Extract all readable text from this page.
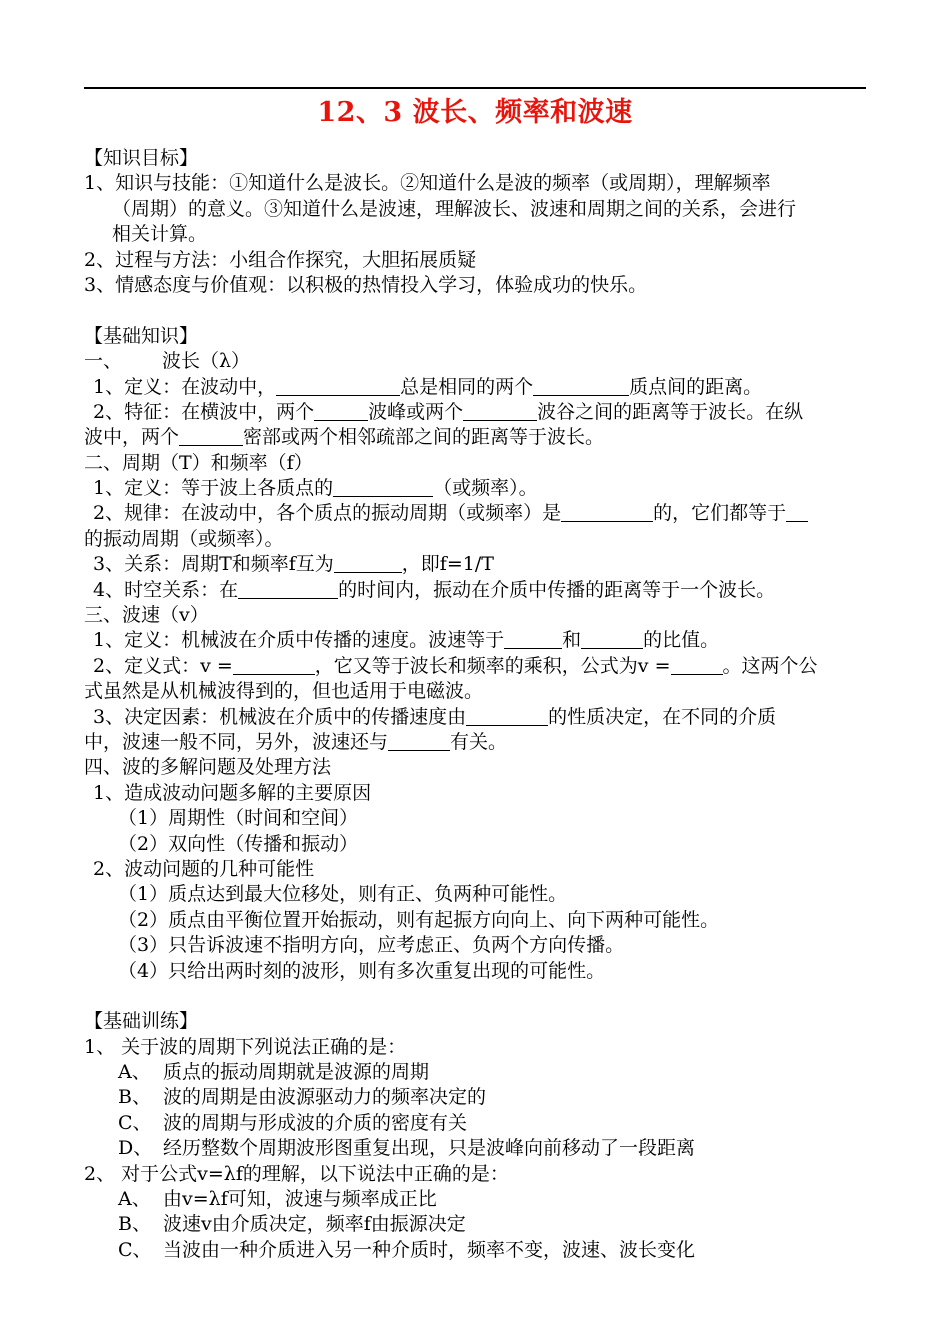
12、3 波长、频率和波速
【知识目标】
1、知识与技能：①知道什么是波长。②知道什么是波的频率（或周期），理解频率
（周期）的意义。③知道什么是波速，理解波长、波速和周期之间的关系，会进行
相关计算。
2、过程与方法：小组合作探究，大胆拓展质疑
3、情感态度与价值观：以积极的热情投入学习，体验成功的快乐。
【基础知识】
一、 波长（λ）
1、定义：在波动中，	总是相同的两个	质点间的距离。
2、特征：在横波中，两个	波峰或两个	波谷之间的距离等于波长。在纵
波中，两个	密部或两个相邻疏部之间的距离等于波长。
二、周期（T）和频率（f）
1、定义：等于波上各质点的	（或频率）。
2、规律：在波动中，各个质点的振动周期（或频率）是	的，它们都等于
的振动周期（或频率）。
3、关系：周期T和频率f互为	，即f=1/T
4、时空关系：在	的时间内，振动在介质中传播的距离等于一个波长。
三、波速（v）
1、定义：机械波在介质中传播的速度。波速等于	和	的比值。
2、定义式：v =	，它又等于波长和频率的乘积，公式为v =	。这两个公
式虽然是从机械波得到的，但也适用于电磁波。
3、决定因素：机械波在介质中的传播速度由	的性质决定，在不同的介质
中，波速一般不同，另外，波速还与	有关。
四、波的多解问题及处理方法
1、造成波动问题多解的主要原因
（1）周期性（时间和空间）
（2）双向性（传播和振动）
2、波动问题的几种可能性
（1）质点达到最大位移处，则有正、负两种可能性。
（2）质点由平衡位置开始振动，则有起振方向向上、向下两种可能性。
（3）只告诉波速不指明方向，应考虑正、负两个方向传播。
（4）只给出两时刻的波形，则有多次重复出现的可能性。
【基础训练】
1、 关于波的周期下列说法正确的是：
A、 质点的振动周期就是波源的周期
B、 波的周期是由波源驱动力的频率决定的
C、 波的周期与形成波的介质的密度有关
D、 经历整数个周期波形图重复出现，只是波峰向前移动了一段距离
2、 对于公式v=λf的理解，以下说法中正确的是：
A、 由v=λf可知，波速与频率成正比
B、 波速v由介质决定，频率f由振源决定
C、 当波由一种介质进入另一种介质时，频率不变，波速、波长变化
